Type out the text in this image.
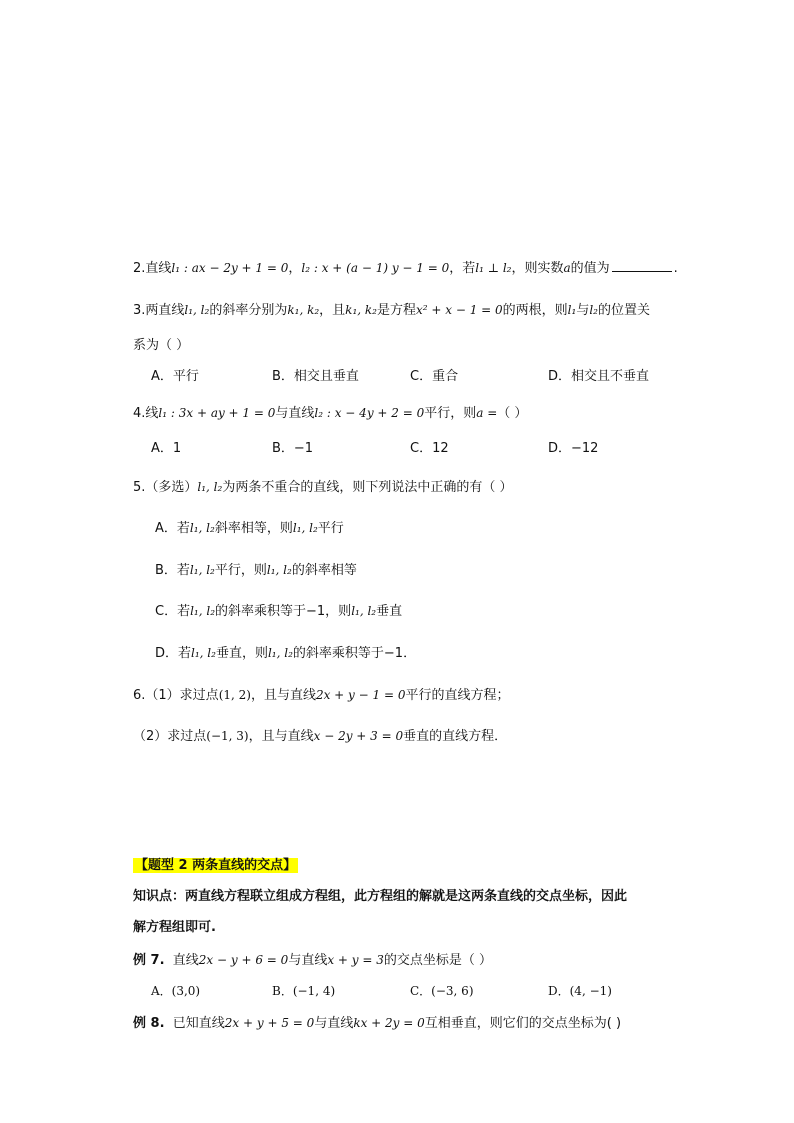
2.直线l₁ : ax − 2y + 1 = 0，l₂ : x + (a − 1) y − 1 = 0，若l₁ ⊥ l₂，则实数a的值为	.
3.两直线l₁, l₂的斜率分别为k₁, k₂，且k₁, k₂是方程x² + x − 1 = 0的两根，则l₁与l₂的位置关
系为（ ）
A．平行	B．相交且垂直	C．重合	D．相交且不垂直
4.线l₁ : 3x + ay + 1 = 0与直线l₂ : x − 4y + 2 = 0平行，则a =（ ）
A．1	B．−1	C．12	D．−12
5.（多选）l₁, l₂为两条不重合的直线，则下列说法中正确的有（ ）
A．若l₁, l₂斜率相等，则l₁, l₂平行
B．若l₁, l₂平行，则l₁, l₂的斜率相等
C．若l₁, l₂的斜率乘积等于−1，则l₁, l₂垂直
D．若l₁, l₂垂直，则l₁, l₂的斜率乘积等于−1．
6.（1）求过点(1, 2)，且与直线2x + y − 1 = 0平行的直线方程；
（2）求过点(−1, 3)，且与直线x − 2y + 3 = 0垂直的直线方程．
【题型 2 两条直线的交点】
知识点：两直线方程联立组成方程组，此方程组的解就是这两条直线的交点坐标，因此
解方程组即可.
例 7. 直线2x − y + 6 = 0与直线x + y = 3的交点坐标是（ ）
A．(3,0)	B．(−1, 4)	C．(−3, 6)	D．(4, −1)
例 8. 已知直线2x + y + 5 = 0与直线kx + 2y = 0互相垂直，则它们的交点坐标为( )
